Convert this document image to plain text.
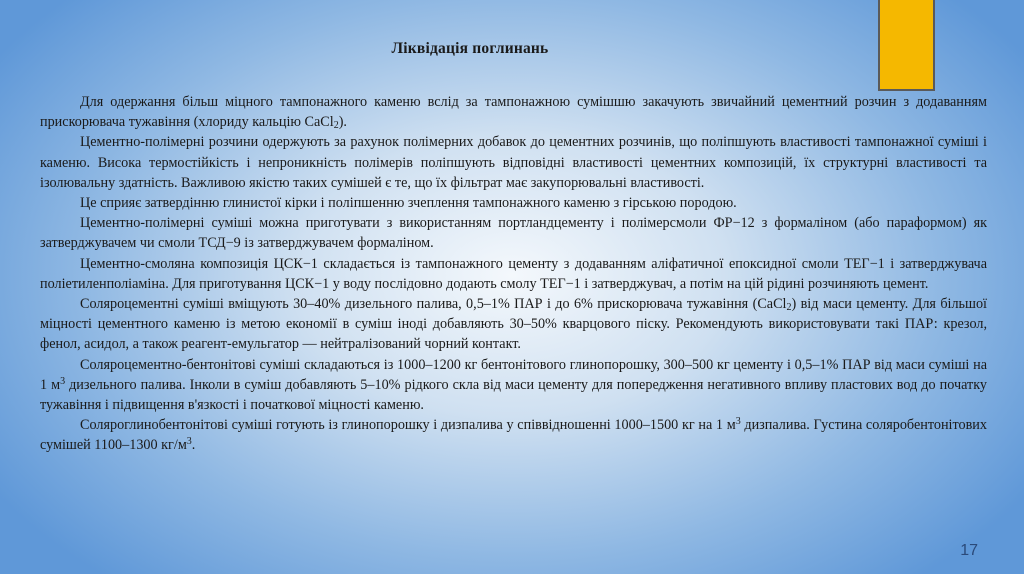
Ліквідація поглинань

Для одержання більш міцного тампонажного каменю вслід за тампонажною сумішшю закачують звичайний цементний розчин з додаванням прискорювача тужавіння (хлориду кальцію CaCl$_2$).

Цементно-полімерні розчини одержують за рахунок полімерних добавок до цементних розчинів, що поліпшують властивості тампонажної суміші і каменю. Висока термостійкість і непроникність полімерів поліпшують відповідні властивості цементних композицій, їх структурні властивості та ізолювальну здатність. Важливою якістю таких сумішей є те, що їх фільтрат має закупорювальні властивості.

Це сприяє затвердінню глинистої кірки і поліпшенню зчеплення тампонажного каменю з гірською породою.

Цементно-полімерні суміші можна приготувати з використанням портландцементу і полімерсмоли ФР−12 з формаліном (або параформом) як затверджувачем чи смоли ТСД−9 із затверджувачем формаліном.

Цементно-смоляна композиція ЦСК−1 складається із тампонажного цементу з додаванням аліфатичної епоксидної смоли ТЕГ−1 і затверджувача поліетиленполіаміна. Для приготування ЦСК−1 у воду послідовно додають смолу ТЕГ−1 і затверджувач, а потім на цій рідині розчиняють цемент.

Соляроцементні суміші вміщують 30–40% дизельного палива, 0,5–1% ПАР і до 6% прискорювача тужавіння (CaCl$_2$) від маси цементу. Для більшої міцності цементного каменю із метою економії в суміш іноді добавляють 30–50% кварцового піску. Рекомендують використовувати такі ПАР: крезол, фенол, асидол, а також реагент-емульгатор — нейтралізований чорний контакт.

Соляроцементно-бентонітові суміші складаються із 1000–1200 кг бентонітового глинопорошку, 300–500 кг цементу і 0,5–1% ПАР від маси суміші на 1 $м^3$ дизельного палива. Інколи в суміш добавляють 5–10% рідкого скла від маси цементу для попередження негативного впливу пластових вод до початку тужавіння і підвищення в'язкості і початкової міцності каменю.

Соляроглинобентонітові суміші готують із глинопорошку і дизпалива у співвідношенні 1000–1500 кг на 1 $м^3$ дизпалива. Густина соляробентонітових сумішей 1100–1300 $кг/м^3$.

17
